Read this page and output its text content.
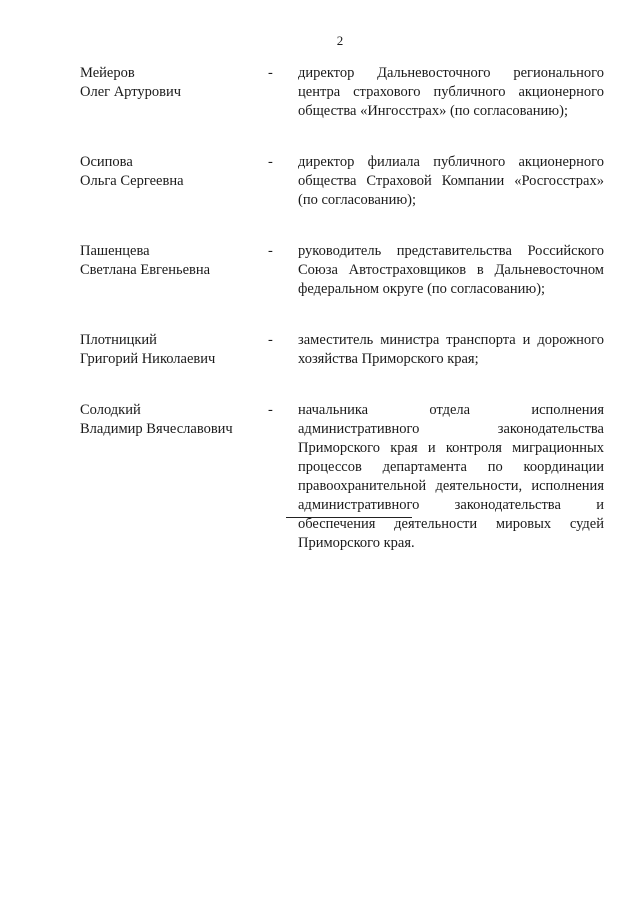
2
Мейеров
Олег Артурович
-	директор Дальневосточного регионального центра страхового публичного акционерного общества «Ингосстрах» (по согласованию);
Осипова
Ольга Сергеевна
-	директор филиала публичного акционерного общества Страховой Компании «Росгосстрах» (по согласованию);
Пашенцева
Светлана Евгеньевна
-	руководитель представительства Российского Союза Автостраховщиков в Дальневосточном федеральном округе (по согласованию);
Плотницкий
Григорий Николаевич
-	заместитель министра транспорта и дорожного хозяйства Приморского края;
Солодкий
Владимир Вячеславович
-	начальника отдела исполнения административного законодательства Приморского края и контроля миграционных процессов департамента по координации правоохранительной деятельности, исполнения административного законодательства и обеспечения деятельности мировых судей Приморского края.
